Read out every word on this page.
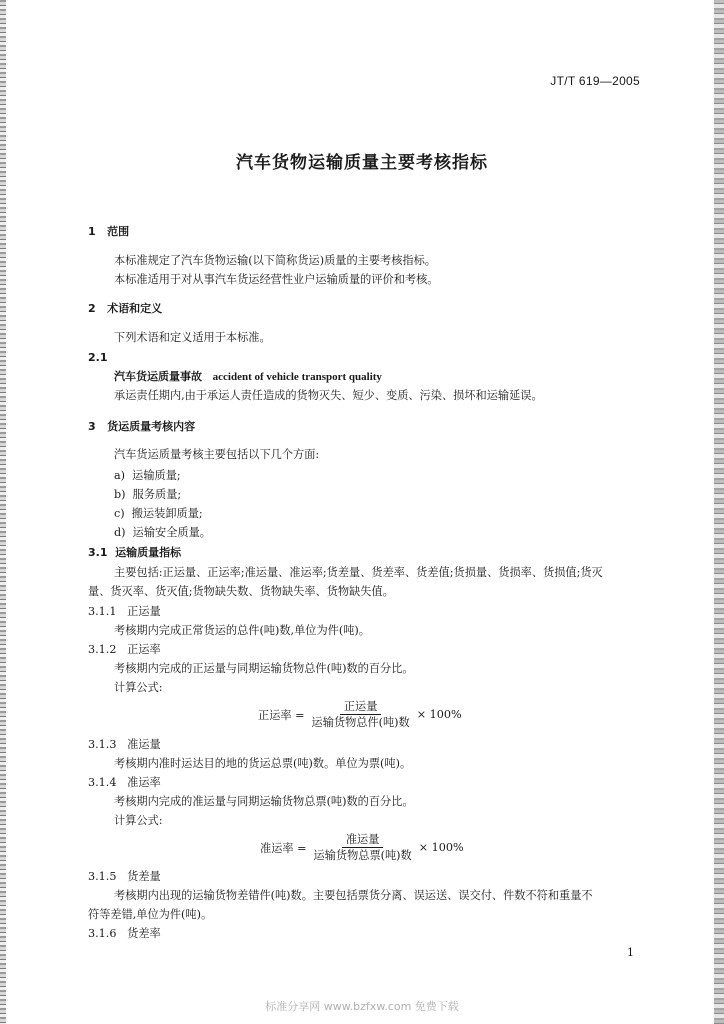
JT/T 619—2005
汽车货物运输质量主要考核指标
1 范围
本标准规定了汽车货物运输(以下简称货运)质量的主要考核指标。
本标准适用于对从事汽车货运经营性业户运输质量的评价和考核。
2 术语和定义
下列术语和定义适用于本标准。
2.1
汽车货运质量事故 accident of vehicle transport quality
承运责任期内,由于承运人责任造成的货物灭失、短少、变质、污染、损坏和运输延误。
3 货运质量考核内容
汽车货运质量考核主要包括以下几个方面:
a) 运输质量;
b) 服务质量;
c) 搬运装卸质量;
d) 运输安全质量。
3.1 运输质量指标
主要包括:正运量、正运率;准运量、准运率;货差量、货差率、货差值;货损量、货损率、货损值;货灭
量、货灭率、货灭值;货物缺失数、货物缺失率、货物缺失值。
3.1.1 正运量
考核期内完成正常货运的总件(吨)数,单位为件(吨)。
3.1.2 正运率
考核期内完成的正运量与同期运输货物总件(吨)数的百分比。
计算公式:
正运率 = $\frac{\text{正运量}}{\text{运输货物总件(吨)数}} \times 100\%$
3.1.3 准运量
考核期内准时运达目的地的货运总票(吨)数。单位为票(吨)。
3.1.4 准运率
考核期内完成的准运量与同期运输货物总票(吨)数的百分比。
计算公式:
准运率 = $\frac{\text{准运量}}{\text{运输货物总票(吨)数}} \times 100\%$
3.1.5 货差量
考核期内出现的运输货物差错件(吨)数。主要包括票货分离、误运送、误交付、件数不符和重量不
符等差错,单位为件(吨)。
3.1.6 货差率
1
标准分享网 www.bzfxw.com 免费下载
